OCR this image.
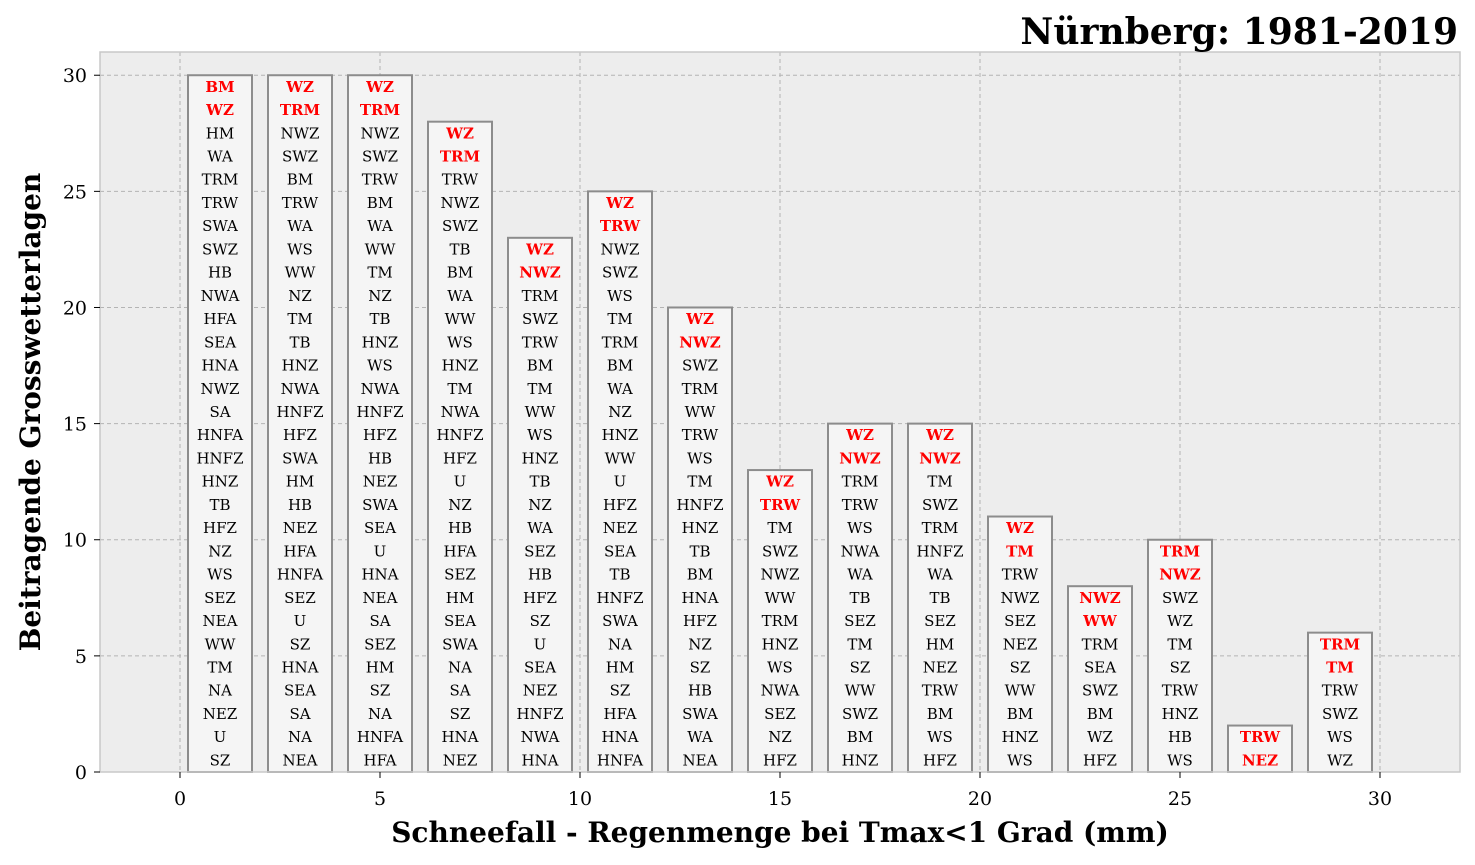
BM
WZ
HM
WA
TRM
TRW
SWA
SWZ
HB
NWA
HFA
SEA
HNA
NWZ
SA
HNFA
HNFZ
HNZ
TB
HFZ
NZ
WS
SEZ
NEA
WW
TM
NA
NEZ
U
SZ
WZ
TRM
NWZ
SWZ
BM
TRW
WA
WS
WW
NZ
TM
TB
HNZ
NWA
HNFZ
HFZ
SWA
HM
HB
NEZ
HFA
HNFA
SEZ
U
SZ
HNA
SEA
SA
NA
NEA
WZ
TRM
NWZ
SWZ
TRW
BM
WA
WW
TM
NZ
TB
HNZ
WS
NWA
HNFZ
HFZ
HB
NEZ
SWA
SEA
U
HNA
NEA
SA
SEZ
HM
SZ
NA
HNFA
HFA
WZ
TRM
TRW
NWZ
SWZ
TB
BM
WA
WW
WS
HNZ
TM
NWA
HNFZ
HFZ
U
NZ
HB
HFA
SEZ
HM
SEA
SWA
NA
SA
SZ
HNA
NEZ
WZ
NWZ
TRM
SWZ
TRW
BM
TM
WW
WS
HNZ
TB
NZ
WA
SEZ
HB
HFZ
SZ
U
SEA
NEZ
HNFZ
NWA
HNA
WZ
TRW
NWZ
SWZ
WS
TM
TRM
BM
WA
NZ
HNZ
WW
U
HFZ
NEZ
SEA
TB
HNFZ
SWA
NA
HM
SZ
HFA
HNA
HNFA
WZ
NWZ
SWZ
TRM
WW
TRW
WS
TM
HNFZ
HNZ
TB
BM
HNA
HFZ
NZ
SZ
HB
SWA
WA
NEA
WZ
TRW
TM
SWZ
NWZ
WW
TRM
HNZ
WS
NWA
SEZ
NZ
HFZ
WZ
NWZ
TRM
TRW
WS
NWA
WA
TB
SEZ
TM
SZ
WW
SWZ
BM
HNZ
WZ
NWZ
TM
SWZ
TRM
HNFZ
WA
TB
SEZ
HM
NEZ
TRW
BM
WS
HFZ
WZ
TM
TRW
NWZ
SEZ
NEZ
SZ
WW
BM
HNZ
WS
NWZ
WW
TRM
SEA
SWZ
BM
WZ
HFZ
TRM
NWZ
SWZ
WZ
TM
SZ
TRW
HNZ
HB
WS
TRW
NEZ
TRM
TM
TRW
SWZ
WS
WZ
0	5	10	15	20	25	30
0
5
10
15
20
25
30
Nürnberg: 1981-2019
Schneefall - Regenmenge bei Tmax<1 Grad (mm)
Beitragende Grosswetterlagen
